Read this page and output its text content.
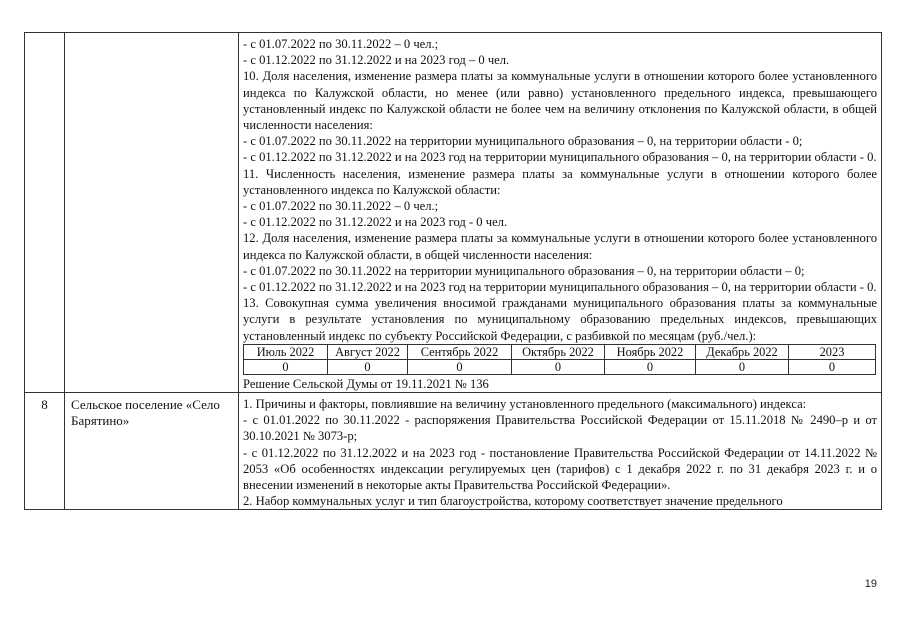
- с 01.07.2022 по 30.11.2022 – 0 чел.;

- с 01.12.2022 по 31.12.2022 и на 2023 год – 0 чел.

10. Доля населения, изменение размера платы за коммунальные услуги в отношении которого более установленного индекса по Калужской области, но менее (или равно) установленного предельного индекса, превышающего установленный индекс по Калужской области не более чем на величину отклонения по Калужской области, в общей численности населения:

- с 01.07.2022 по 30.11.2022 на территории муниципального образования – 0, на территории области - 0;

- с 01.12.2022 по 31.12.2022 и на 2023 год на территории муниципального образования – 0, на территории области - 0.

11. Численность населения, изменение размера платы за коммунальные услуги в отношении которого более установленного индекса по Калужской области:

- с 01.07.2022 по 30.11.2022 – 0 чел.;

- с 01.12.2022 по 31.12.2022 и на 2023 год - 0 чел.

12. Доля населения, изменение размера платы за коммунальные услуги в отношении которого более установленного индекса по Калужской области, в общей численности населения:

- с 01.07.2022 по 30.11.2022 на территории муниципального образования – 0, на территории области – 0;

- с 01.12.2022 по 31.12.2022 и на 2023 год на территории муниципального образования – 0, на территории области - 0.

13. Совокупная сумма увеличения вносимой гражданами муниципального образования платы за коммунальные услуги в результате установления по муниципальному образованию предельных индексов, превышающих установленный индекс по субъекту Российской Федерации, с разбивкой по месяцам (руб./чел.):

Июль 2022	Август 2022	Сентябрь 2022	Октябрь 2022	Ноябрь 2022	Декабрь 2022	2023
0	0	0	0	0	0	0

Решение Сельской Думы от 19.11.2021 № 136

8	Сельское поселение «Село Барятино»	

1. Причины и факторы, повлиявшие на величину установленного предельного (максимального) индекса:

- с 01.01.2022 по 30.11.2022 - распоряжения Правительства Российской Федерации от 15.11.2018 № 2490–р и от 30.10.2021 № 3073-р;

- с 01.12.2022 по 31.12.2022 и на 2023 год - постановление Правительства Российской Федерации от 14.11.2022 № 2053 «Об особенностях индексации регулируемых цен (тарифов) с 1 декабря 2022 г. по 31 декабря 2023 г. и о внесении изменений в некоторые акты Правительства Российской Федерации».

2. Набор коммунальных услуг и тип благоустройства, которому соответствует значение предельного

19
